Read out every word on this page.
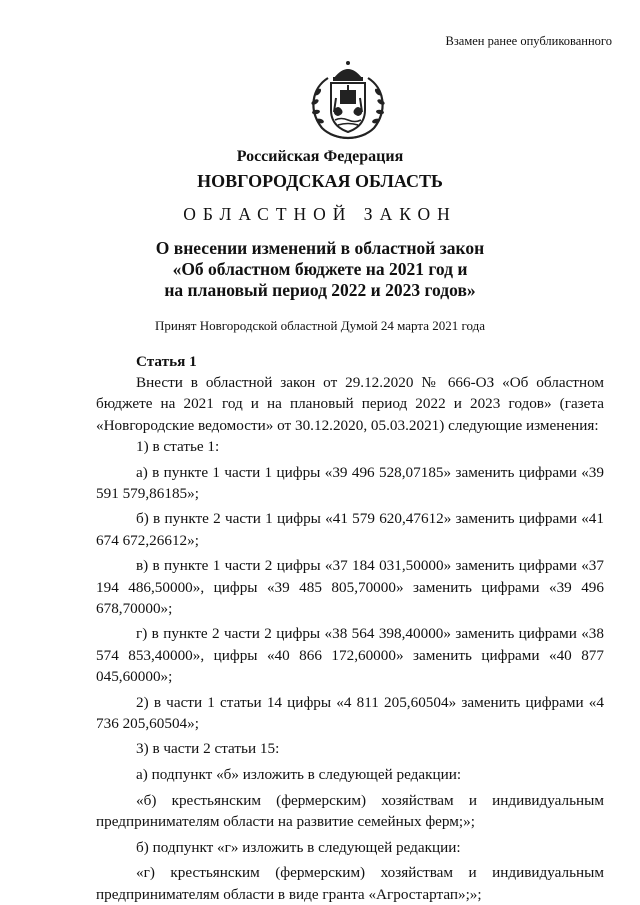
Взамен ранее опубликованного
Российская Федерация
НОВГОРОДСКАЯ ОБЛАСТЬ
ОБЛАСТНОЙ ЗАКОН
О внесении изменений в областной закон
«Об областном бюджете на 2021 год и
на плановый период 2022 и 2023 годов»
Принят Новгородской областной Думой 24 марта 2021 года
Статья 1
Внести в областной закон от 29.12.2020 № 666-ОЗ «Об областном бюджете на 2021 год и на плановый период 2022 и 2023 годов» (газета «Новгородские ведомости» от 30.12.2020, 05.03.2021) следующие изменения:
1) в статье 1:
а) в пункте 1 части 1 цифры «39 496 528,07185» заменить цифрами «39 591 579,86185»;
б) в пункте 2 части 1 цифры «41 579 620,47612» заменить цифрами «41 674 672,26612»;
в) в пункте 1 части 2 цифры «37 184 031,50000» заменить цифрами «37 194 486,50000», цифры «39 485 805,70000» заменить цифрами «39 496 678,70000»;
г) в пункте 2 части 2 цифры «38 564 398,40000» заменить цифрами «38 574 853,40000», цифры «40 866 172,60000» заменить цифрами «40 877 045,60000»;
2) в части 1 статьи 14 цифры «4 811 205,60504» заменить цифрами «4 736 205,60504»;
3) в части 2 статьи 15:
а) подпункт «б» изложить в следующей редакции:
«б) крестьянским (фермерским) хозяйствам и индивидуальным предпринимателям области на развитие семейных ферм;»;
б) подпункт «г» изложить в следующей редакции:
«г) крестьянским (фермерским) хозяйствам и индивидуальным предпринимателям области в виде гранта «Агростартап»;»;
